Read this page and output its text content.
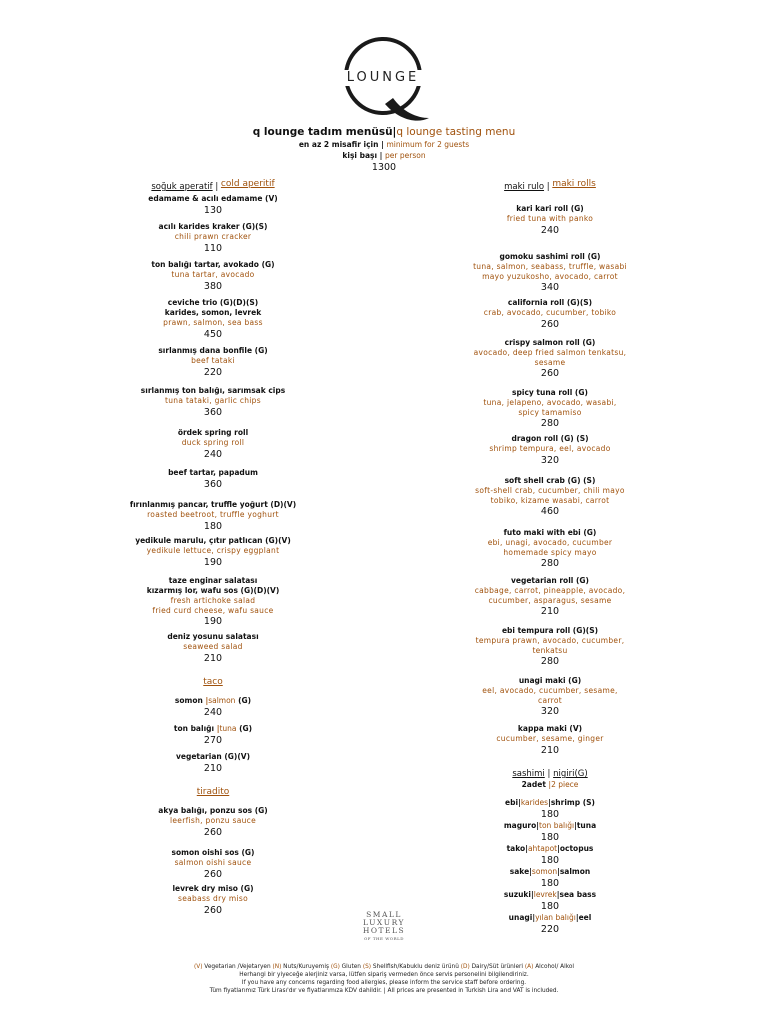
LOUNGE
q lounge tadım menüsü|q lounge tasting menu
en az 2 misafir için | minimum for 2 guests
kişi başı | per person
1300
soğuk aperatif | cold aperitif
edamame & acılı edamame (V)
130
acılı karides kraker (G)(S)
chili prawn cracker
110
ton balığı tartar, avokado (G)
tuna tartar, avocado
380
ceviche trio (G)(D)(S)
karides, somon, levrek
prawn, salmon, sea bass
450
sırlanmış dana bonfile (G)
beef tataki
220
sırlanmış ton balığı, sarımsak cips
tuna tataki, garlic chips
360
ördek spring roll
duck spring roll
240
beef tartar, papadum
360
fırınlanmış pancar, truffle yoğurt (D)(V)
roasted beetroot, truffle yoghurt
180
yedikule marulu, çıtır patlıcan (G)(V)
yedikule lettuce, crispy eggplant
190
taze enginar salatası
kızarmış lor, wafu sos (G)(D)(V)
fresh artichoke salad
fried curd cheese, wafu sauce
190
deniz yosunu salatası
seaweed salad
210
taco
somon |salmon (G)
240
ton balığı |tuna (G)
270
vegetarian (G)(V)
210
tiradito
akya balığı, ponzu sos (G)
leerfish, ponzu sauce
260
somon oishi sos (G)
salmon oishi sauce
260
levrek dry miso (G)
seabass dry miso
260
maki rulo | maki rolls
kari kari roll (G)
fried tuna with panko
240
gomoku sashimi roll (G)
tuna, salmon, seabass, truffle, wasabi
mayo yuzukosho, avocado, carrot
340
california roll (G)(S)
crab, avocado, cucumber, tobiko
260
crispy salmon roll (G)
avocado, deep fried salmon tenkatsu,
sesame
260
spicy tuna roll (G)
tuna, jelapeno, avocado, wasabi,
spicy tamamiso
280
dragon roll (G) (S)
shrimp tempura, eel, avocado
320
soft shell crab (G) (S)
soft-shell crab, cucumber, chili mayo
tobiko, kizame wasabi, carrot
460
futo maki with ebi (G)
ebi, unagi, avocado, cucumber
homemade spicy mayo
280
vegetarian roll (G)
cabbage, carrot, pineapple, avocado,
cucumber, asparagus, sesame
210
ebi tempura roll (G)(S)
tempura prawn, avocado, cucumber,
tenkatsu
280
unagi maki (G)
eel, avocado, cucumber, sesame,
carrot
320
kappa maki (V)
cucumber, sesame, ginger
210
sashimi | nigiri(G)
2adet |2 piece
ebi|karides|shrimp (S)
180
maguro|ton balığı|tuna
180
tako|ahtapot|octopus
180
sake|somon|salmon
180
suzuki|levrek|sea bass
180
unagi|yılan balığı|eel
220
SMALL
LUXURY
HOTELS
OF THE WORLD
(V) Vegetarian /Vejetaryen (N) Nuts/Kuruyemiş (G) Gluten (S) Shellfish/Kabuklu deniz ürünü (D) Dairy/Süt ürünleri (A) Alcohol/ Alkol
Herhangi bir yiyeceğe alerjiniz varsa, lütfen sipariş vermeden önce servis personelini bilgilendiriniz.
If you have any concerns regarding food allergies, please inform the service staff before ordering.
Tüm fiyatlarımız Türk Lirası'dır ve fiyatlarımıza KDV dahildir. | All prices are presented in Turkish Lira and VAT is included.
